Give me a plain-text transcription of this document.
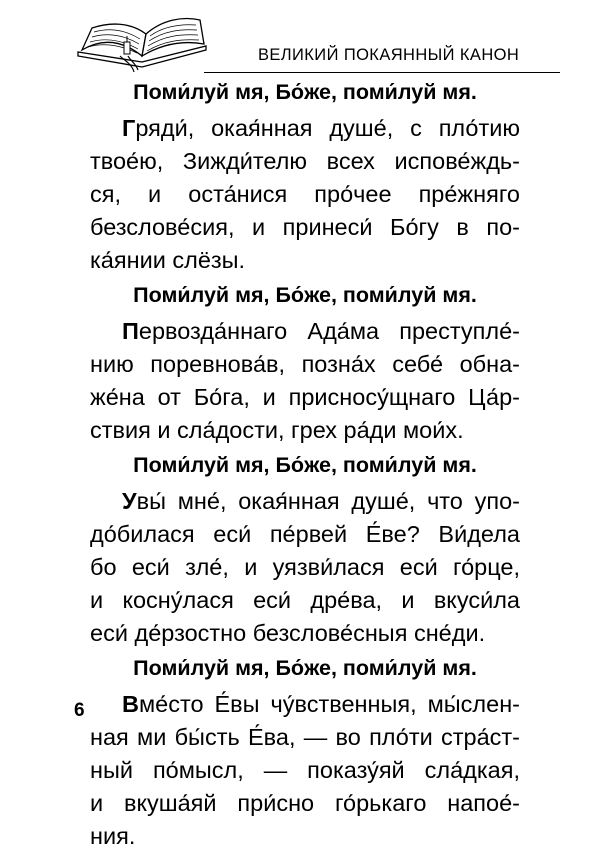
ВЕЛИКИЙ ПОКАЯННЫЙ КАНОН
Поми́луй мя, Бо́же, поми́луй мя.
Гряди́, окая́нная душе́, с пло́тию
твое́ю, Зижди́телю всех испове́ждь-
ся, и оста́нися про́чее пре́жняго
безслове́сия, и принеси́ Бо́гу в по-
ка́янии слёзы.
Поми́луй мя, Бо́же, поми́луй мя.
Первозда́ннаго Ада́ма преступле́-
нию поревнова́в, позна́х себе́ обна-
же́на от Бо́га, и присносу́щнаго Ца́р-
ствия и сла́дости, грех ра́ди мои́х.
Поми́луй мя, Бо́же, поми́луй мя.
Увы́ мне́, окая́нная душе́, что упо-
до́билася еси́ пе́рвей Е́ве? Ви́дела
бо еси́ зле́, и уязви́лася еси́ го́рце,
и косну́лася еси́ дре́ва, и вкуси́ла
еси́ де́рзостно безслове́сныя сне́ди.
Поми́луй мя, Бо́же, поми́луй мя.
Вме́сто Е́вы чу́вственныя, мы́слен-
ная ми бы́сть Е́ва, — во пло́ти стра́ст-
ный по́мысл, — показу́яй сла́дкая,
и вкуша́яй при́сно го́рькаго напое́-
ния.
6
